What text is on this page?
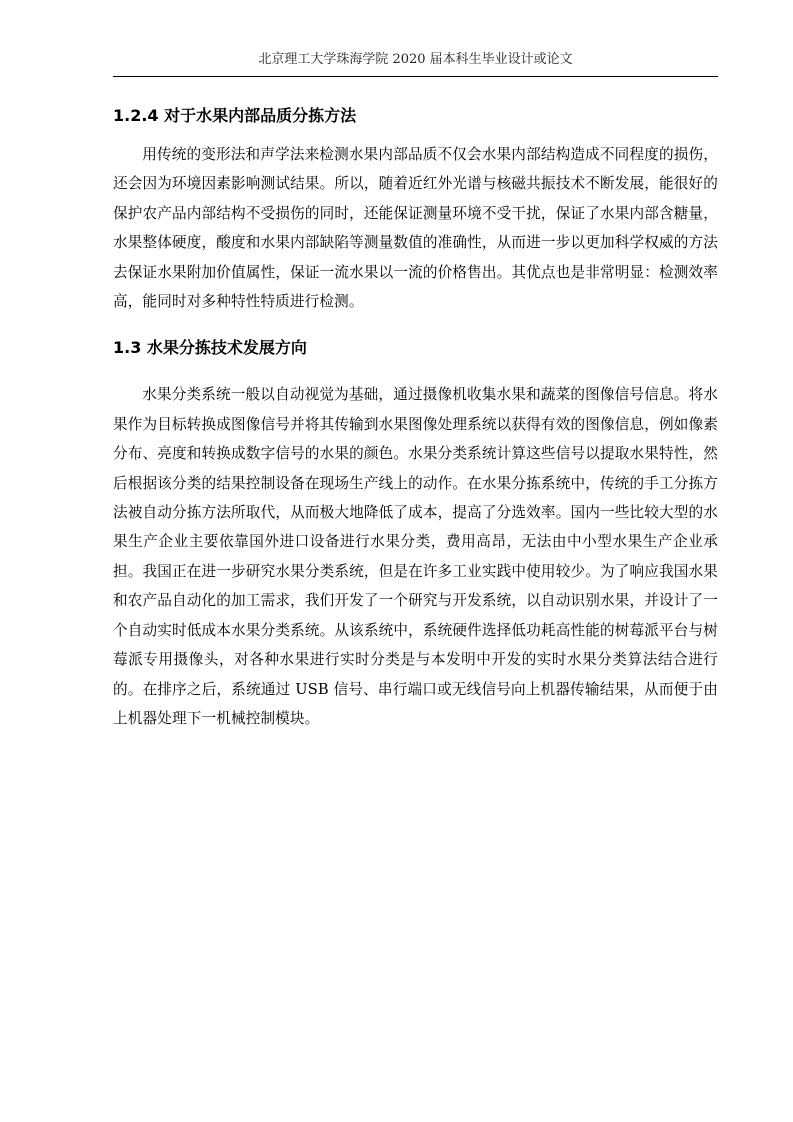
北京理工大学珠海学院 2020 届本科生毕业设计或论文
1.2.4 对于水果内部品质分拣方法

用传统的变形法和声学法来检测水果内部品质不仅会水果内部结构造成不同程度的损伤，还会因为环境因素影响测试结果。所以，随着近红外光谱与核磁共振技术不断发展，能很好的保护农产品内部结构不受损伤的同时，还能保证测量环境不受干扰，保证了水果内部含糖量，水果整体硬度，酸度和水果内部缺陷等测量数值的准确性，从而进一步以更加科学权威的方法去保证水果附加价值属性，保证一流水果以一流的价格售出。其优点也是非常明显：检测效率高，能同时对多种特性特质进行检测。

1.3 水果分拣技术发展方向

水果分类系统一般以自动视觉为基础，通过摄像机收集水果和蔬菜的图像信号信息。将水果作为目标转换成图像信号并将其传输到水果图像处理系统以获得有效的图像信息，例如像素分布、亮度和转换成数字信号的水果的颜色。水果分类系统计算这些信号以提取水果特性，然后根据该分类的结果控制设备在现场生产线上的动作。在水果分拣系统中，传统的手工分拣方法被自动分拣方法所取代，从而极大地降低了成本，提高了分选效率。国内一些比较大型的水果生产企业主要依靠国外进口设备进行水果分类，费用高昂，无法由中小型水果生产企业承担。我国正在进一步研究水果分类系统，但是在许多工业实践中使用较少。为了响应我国水果和农产品自动化的加工需求，我们开发了一个研究与开发系统，以自动识别水果，并设计了一个自动实时低成本水果分类系统。从该系统中，系统硬件选择低功耗高性能的树莓派平台与树莓派专用摄像头，对各种水果进行实时分类是与本发明中开发的实时水果分类算法结合进行的。在排序之后，系统通过 USB 信号、串行端口或无线信号向上机器传输结果，从而便于由上机器处理下一机械控制模块。
